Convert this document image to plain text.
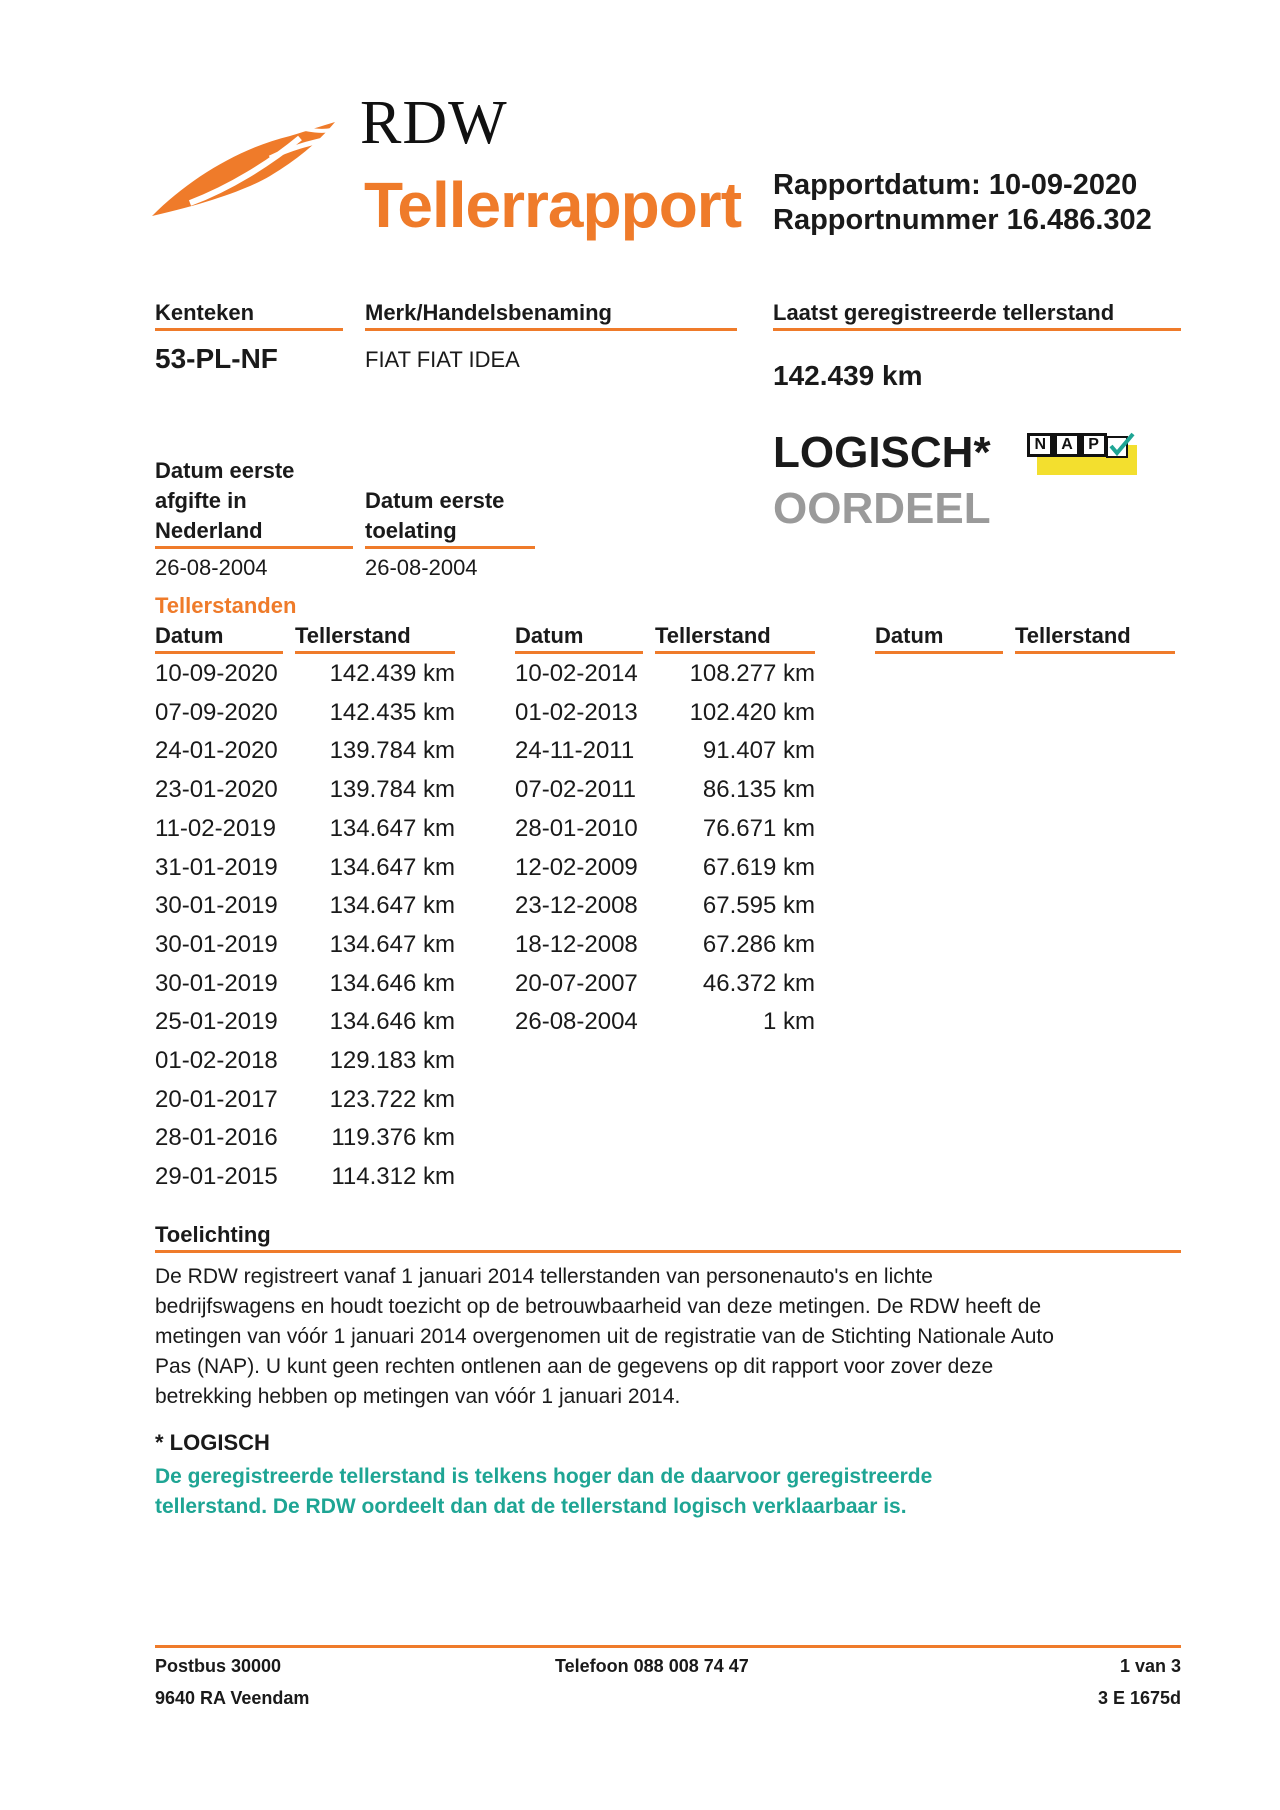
RDW
Tellerrapport Rapportdatum: 10-09-2020
Rapportnummer 16.486.302
Kenteken
53-PL-NF
Merk/Handelsbenaming
FIAT FIAT IDEA
Laatst geregistreerde tellerstand
142.439 km
LOGISCH*
OORDEEL
N A P
Datum eerste
afgifte in
Nederland
26-08-2004
Datum eerste
toelating
26-08-2004
Tellerstanden
Datum	Tellerstand	Datum	Tellerstand	Datum	Tellerstand
10-09-2020	142.439 km
07-09-2020	142.435 km
24-01-2020	139.784 km
23-01-2020	139.784 km
11-02-2019	134.647 km
31-01-2019	134.647 km
30-01-2019	134.647 km
30-01-2019	134.647 km
30-01-2019	134.646 km
25-01-2019	134.646 km
01-02-2018	129.183 km
20-01-2017	123.722 km
28-01-2016	119.376 km
29-01-2015	114.312 km
10-02-2014	108.277 km
01-02-2013	102.420 km
24-11-2011	91.407 km
07-02-2011	86.135 km
28-01-2010	76.671 km
12-02-2009	67.619 km
23-12-2008	67.595 km
18-12-2008	67.286 km
20-07-2007	46.372 km
26-08-2004	1 km
Toelichting
De RDW registreert vanaf 1 januari 2014 tellerstanden van personenauto's en lichte
bedrijfswagens en houdt toezicht op de betrouwbaarheid van deze metingen. De RDW heeft de
metingen van vóór 1 januari 2014 overgenomen uit de registratie van de Stichting Nationale Auto
Pas (NAP). U kunt geen rechten ontlenen aan de gegevens op dit rapport voor zover deze
betrekking hebben op metingen van vóór 1 januari 2014.
* LOGISCH
De geregistreerde tellerstand is telkens hoger dan de daarvoor geregistreerde
tellerstand. De RDW oordeelt dan dat de tellerstand logisch verklaarbaar is.
Postbus 30000
9640 RA Veendam
Telefoon 088 008 74 47	1 van 3
3 E 1675d
